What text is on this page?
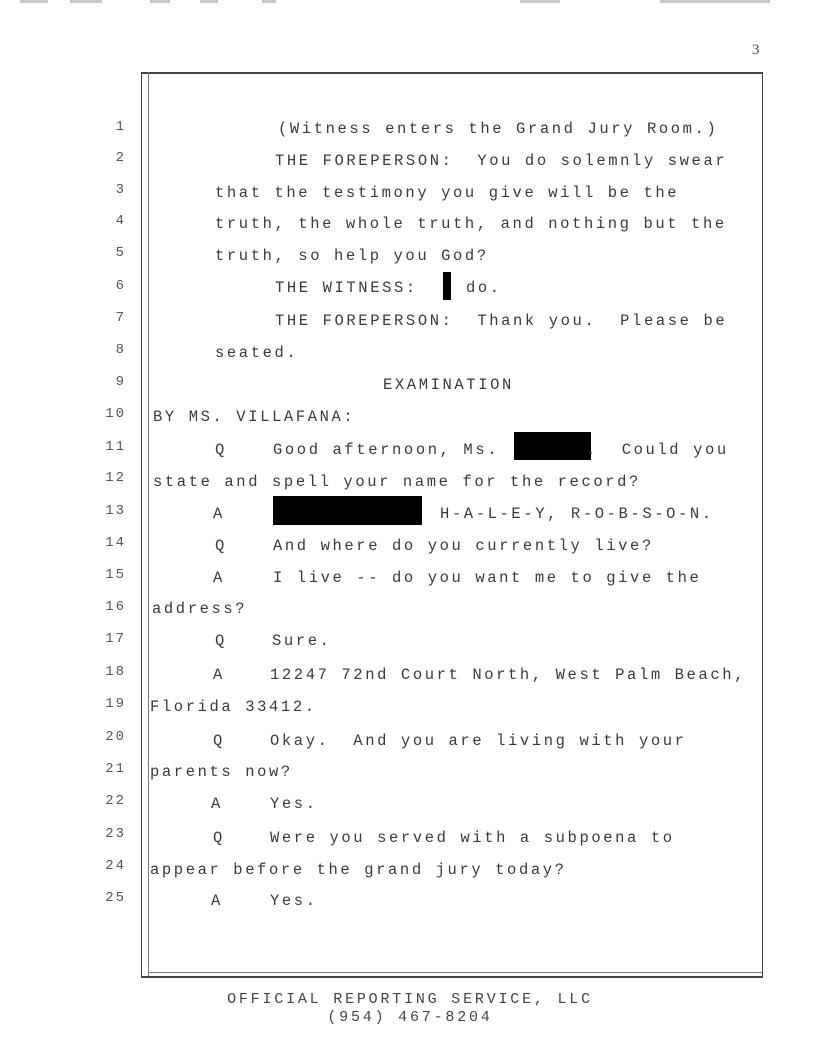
3
1
2
3
4
5
6
7
8
9
10
11
12
13
14
15
16
17
18
19
20
21
22
23
24
25
(Witness enters the Grand Jury Room.)
THE FOREPERSON:  You do solemnly swear
that the testimony you give will be the
truth, the whole truth, and nothing but the
truth, so help you God?
THE WITNESS:	do.
THE FOREPERSON:  Thank you.  Please be
seated.
EXAMINATION
BY MS. VILLAFANA:
Q	Good afternoon, Ms.	.  Could you
state and spell your name for the record?
A	H-A-L-E-Y, R-O-B-S-O-N.
Q	And where do you currently live?
A	I live -- do you want me to give the
address?
Q	Sure.
A	12247 72nd Court North, West Palm Beach,
Florida 33412.
Q	Okay.  And you are living with your
parents now?
A	Yes.
Q	Were you served with a subpoena to
appear before the grand jury today?
A	Yes.
OFFICIAL REPORTING SERVICE, LLC
(954) 467-8204
